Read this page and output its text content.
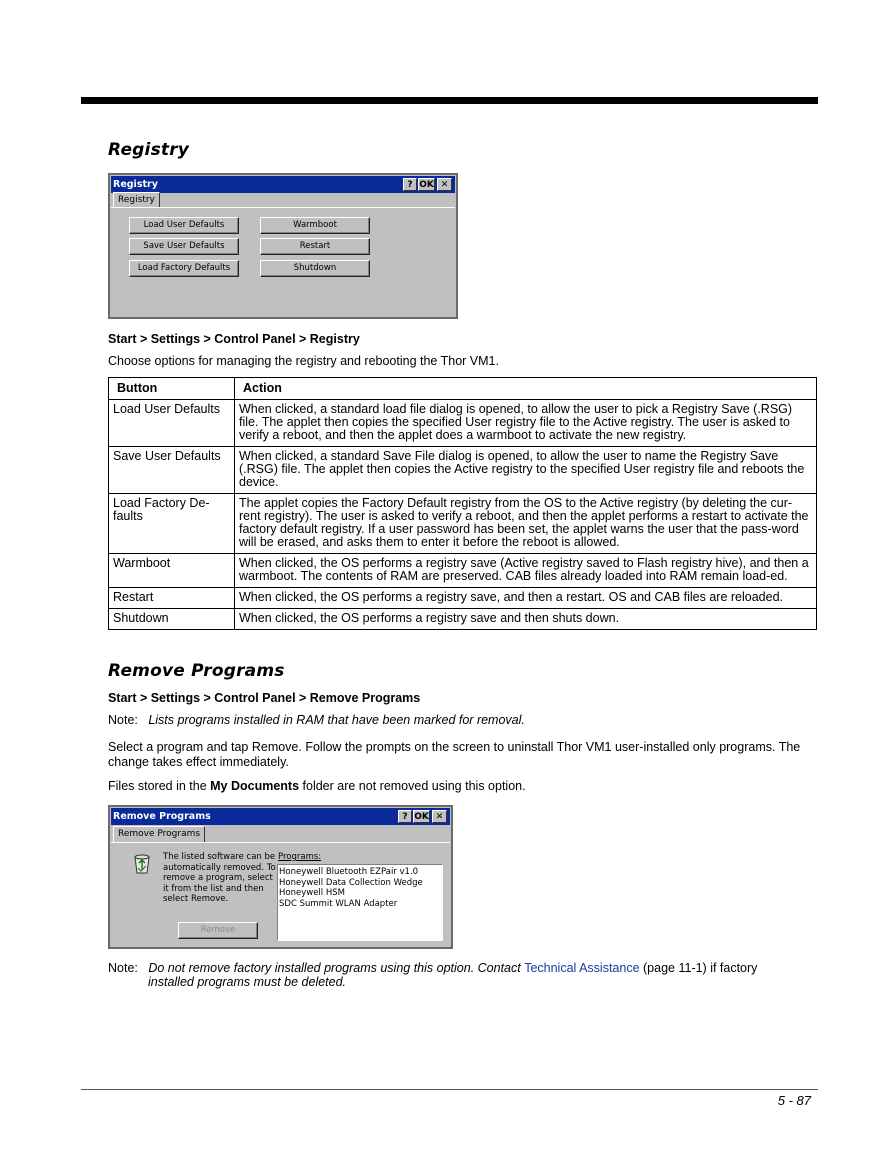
Registry
Registry	? OK ✕
Registry
Load User Defaults
Save User Defaults
Load Factory Defaults
Warmboot
Restart
Shutdown
Start > Settings > Control Panel > Registry
Choose options for managing the registry and rebooting the Thor VM1.
Button	Action
Load User Defaults	When clicked, a standard load file dialog is opened, to allow the user to pick a Registry Save (.RSG) file. The applet then copies the specified User registry file to the Active registry. The user is asked to verify a reboot, and then the applet does a warmboot to activate the new registry.
Save User Defaults	When clicked, a standard Save File dialog is opened, to allow the user to name the Registry Save (.RSG) file. The applet then copies the Active registry to the specified User registry file and reboots the device.
Load Factory De-faults	The applet copies the Factory Default registry from the OS to the Active registry (by deleting the cur-rent registry). The user is asked to verify a reboot, and then the applet performs a restart to activate the factory default registry. If a user password has been set, the applet warns the user that the pass-word will be erased, and asks them to enter it before the reboot is allowed.
Warmboot	When clicked, the OS performs a registry save (Active registry saved to Flash registry hive), and then a warmboot. The contents of RAM are preserved. CAB files already loaded into RAM remain load-ed.
Restart	When clicked, the OS performs a registry save, and then a restart. OS and CAB files are reloaded.
Shutdown	When clicked, the OS performs a registry save and then shuts down.
Remove Programs
Start > Settings > Control Panel > Remove Programs
Note: Lists programs installed in RAM that have been marked for removal.
Select a program and tap Remove. Follow the prompts on the screen to uninstall Thor VM1 user-installed only programs. The change takes effect immediately.
Files stored in the My Documents folder are not removed using this option.
Remove Programs	? OK ✕
Remove Programs
The listed software can be automatically removed. To remove a program, select it from the list and then select Remove.
Programs:
Honeywell Bluetooth EZPair v1.0
Honeywell Data Collection Wedge
Honeywell HSM
SDC Summit WLAN Adapter
Remove
Note: Do not remove factory installed programs using this option. Contact Technical Assistance (page 11-1) if factory
installed programs must be deleted.
5 - 87
